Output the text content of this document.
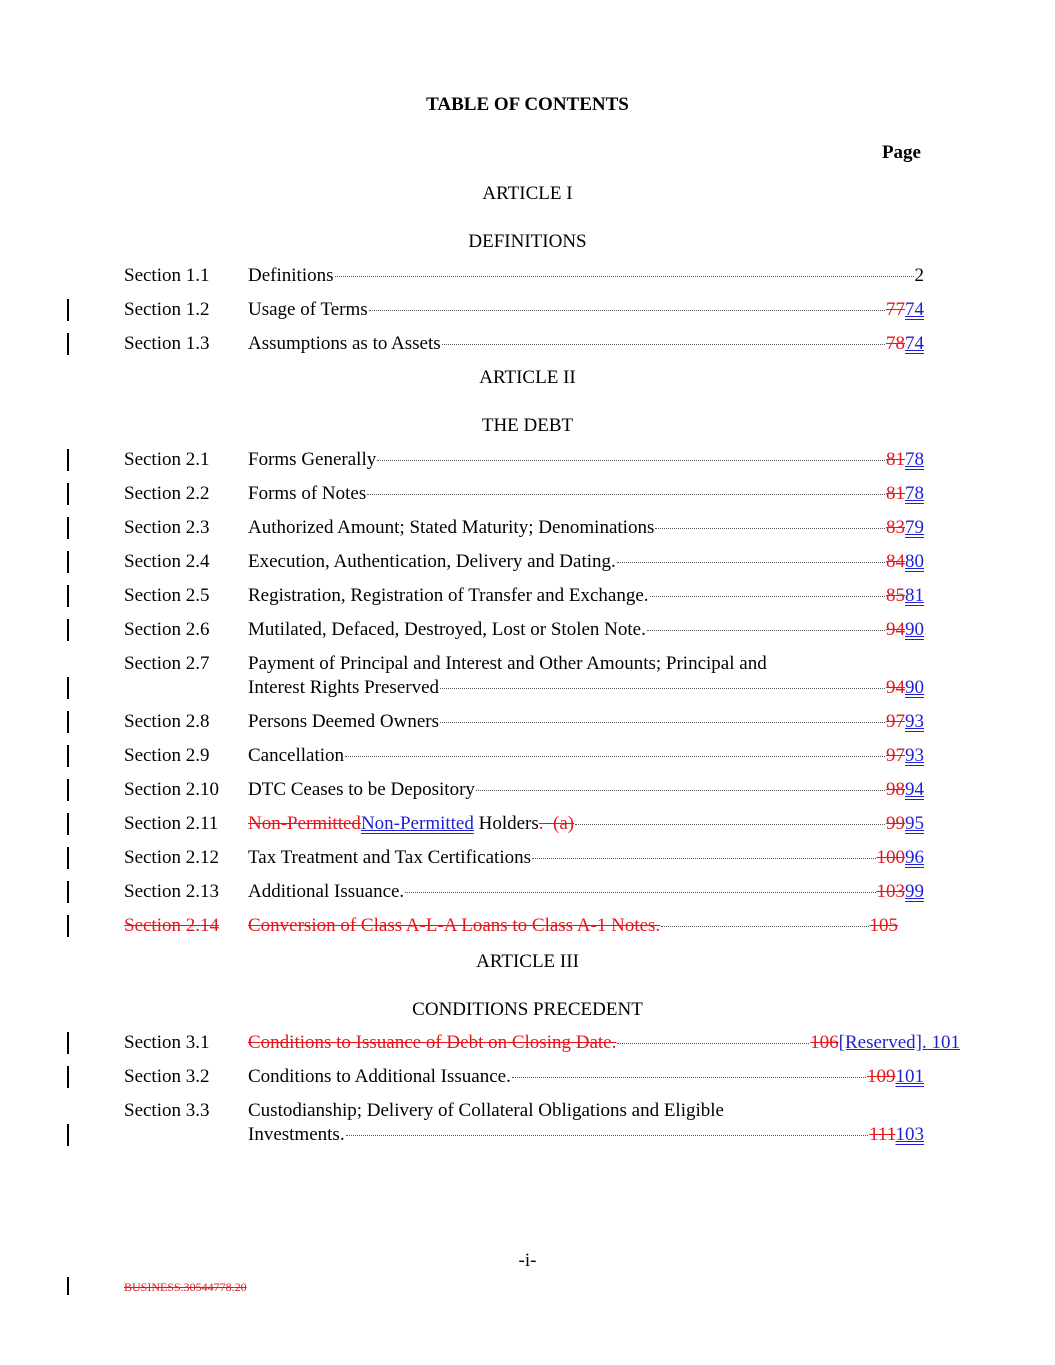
TABLE OF CONTENTS
Page
ARTICLE I
DEFINITIONS
Section 1.1 Definitions	2
Section 1.2 Usage of Terms	7774
Section 1.3 Assumptions as to Assets	7874
ARTICLE II
THE DEBT
Section 2.1 Forms Generally	8178
Section 2.2 Forms of Notes	8178
Section 2.3 Authorized Amount; Stated Maturity; Denominations	8379
Section 2.4 Execution, Authentication, Delivery and Dating.	8480
Section 2.5 Registration, Registration of Transfer and Exchange.	8581
Section 2.6 Mutilated, Defaced, Destroyed, Lost or Stolen Note.	9490
Section 2.7 Payment of Principal and Interest and Other Amounts; Principal and
Interest Rights Preserved	9490
Section 2.8 Persons Deemed Owners	9793
Section 2.9 Cancellation	9793
Section 2.10 DTC Ceases to be Depository	9894
Section 2.11 Non-PermittedNon-Permitted Holders.  (a)	9995
Section 2.12 Tax Treatment and Tax Certifications	10096
Section 2.13 Additional Issuance.	10399
Section 2.14 Conversion of Class A-L-A Loans to Class A-1 Notes.	105
ARTICLE III
CONDITIONS PRECEDENT
Section 3.1 Conditions to Issuance of Debt on Closing Date.	106[Reserved]. 101
Section 3.2 Conditions to Additional Issuance.	109101
Section 3.3 Custodianship; Delivery of Collateral Obligations and Eligible
Investments.	111103
-i-
BUSINESS.30544778.20
